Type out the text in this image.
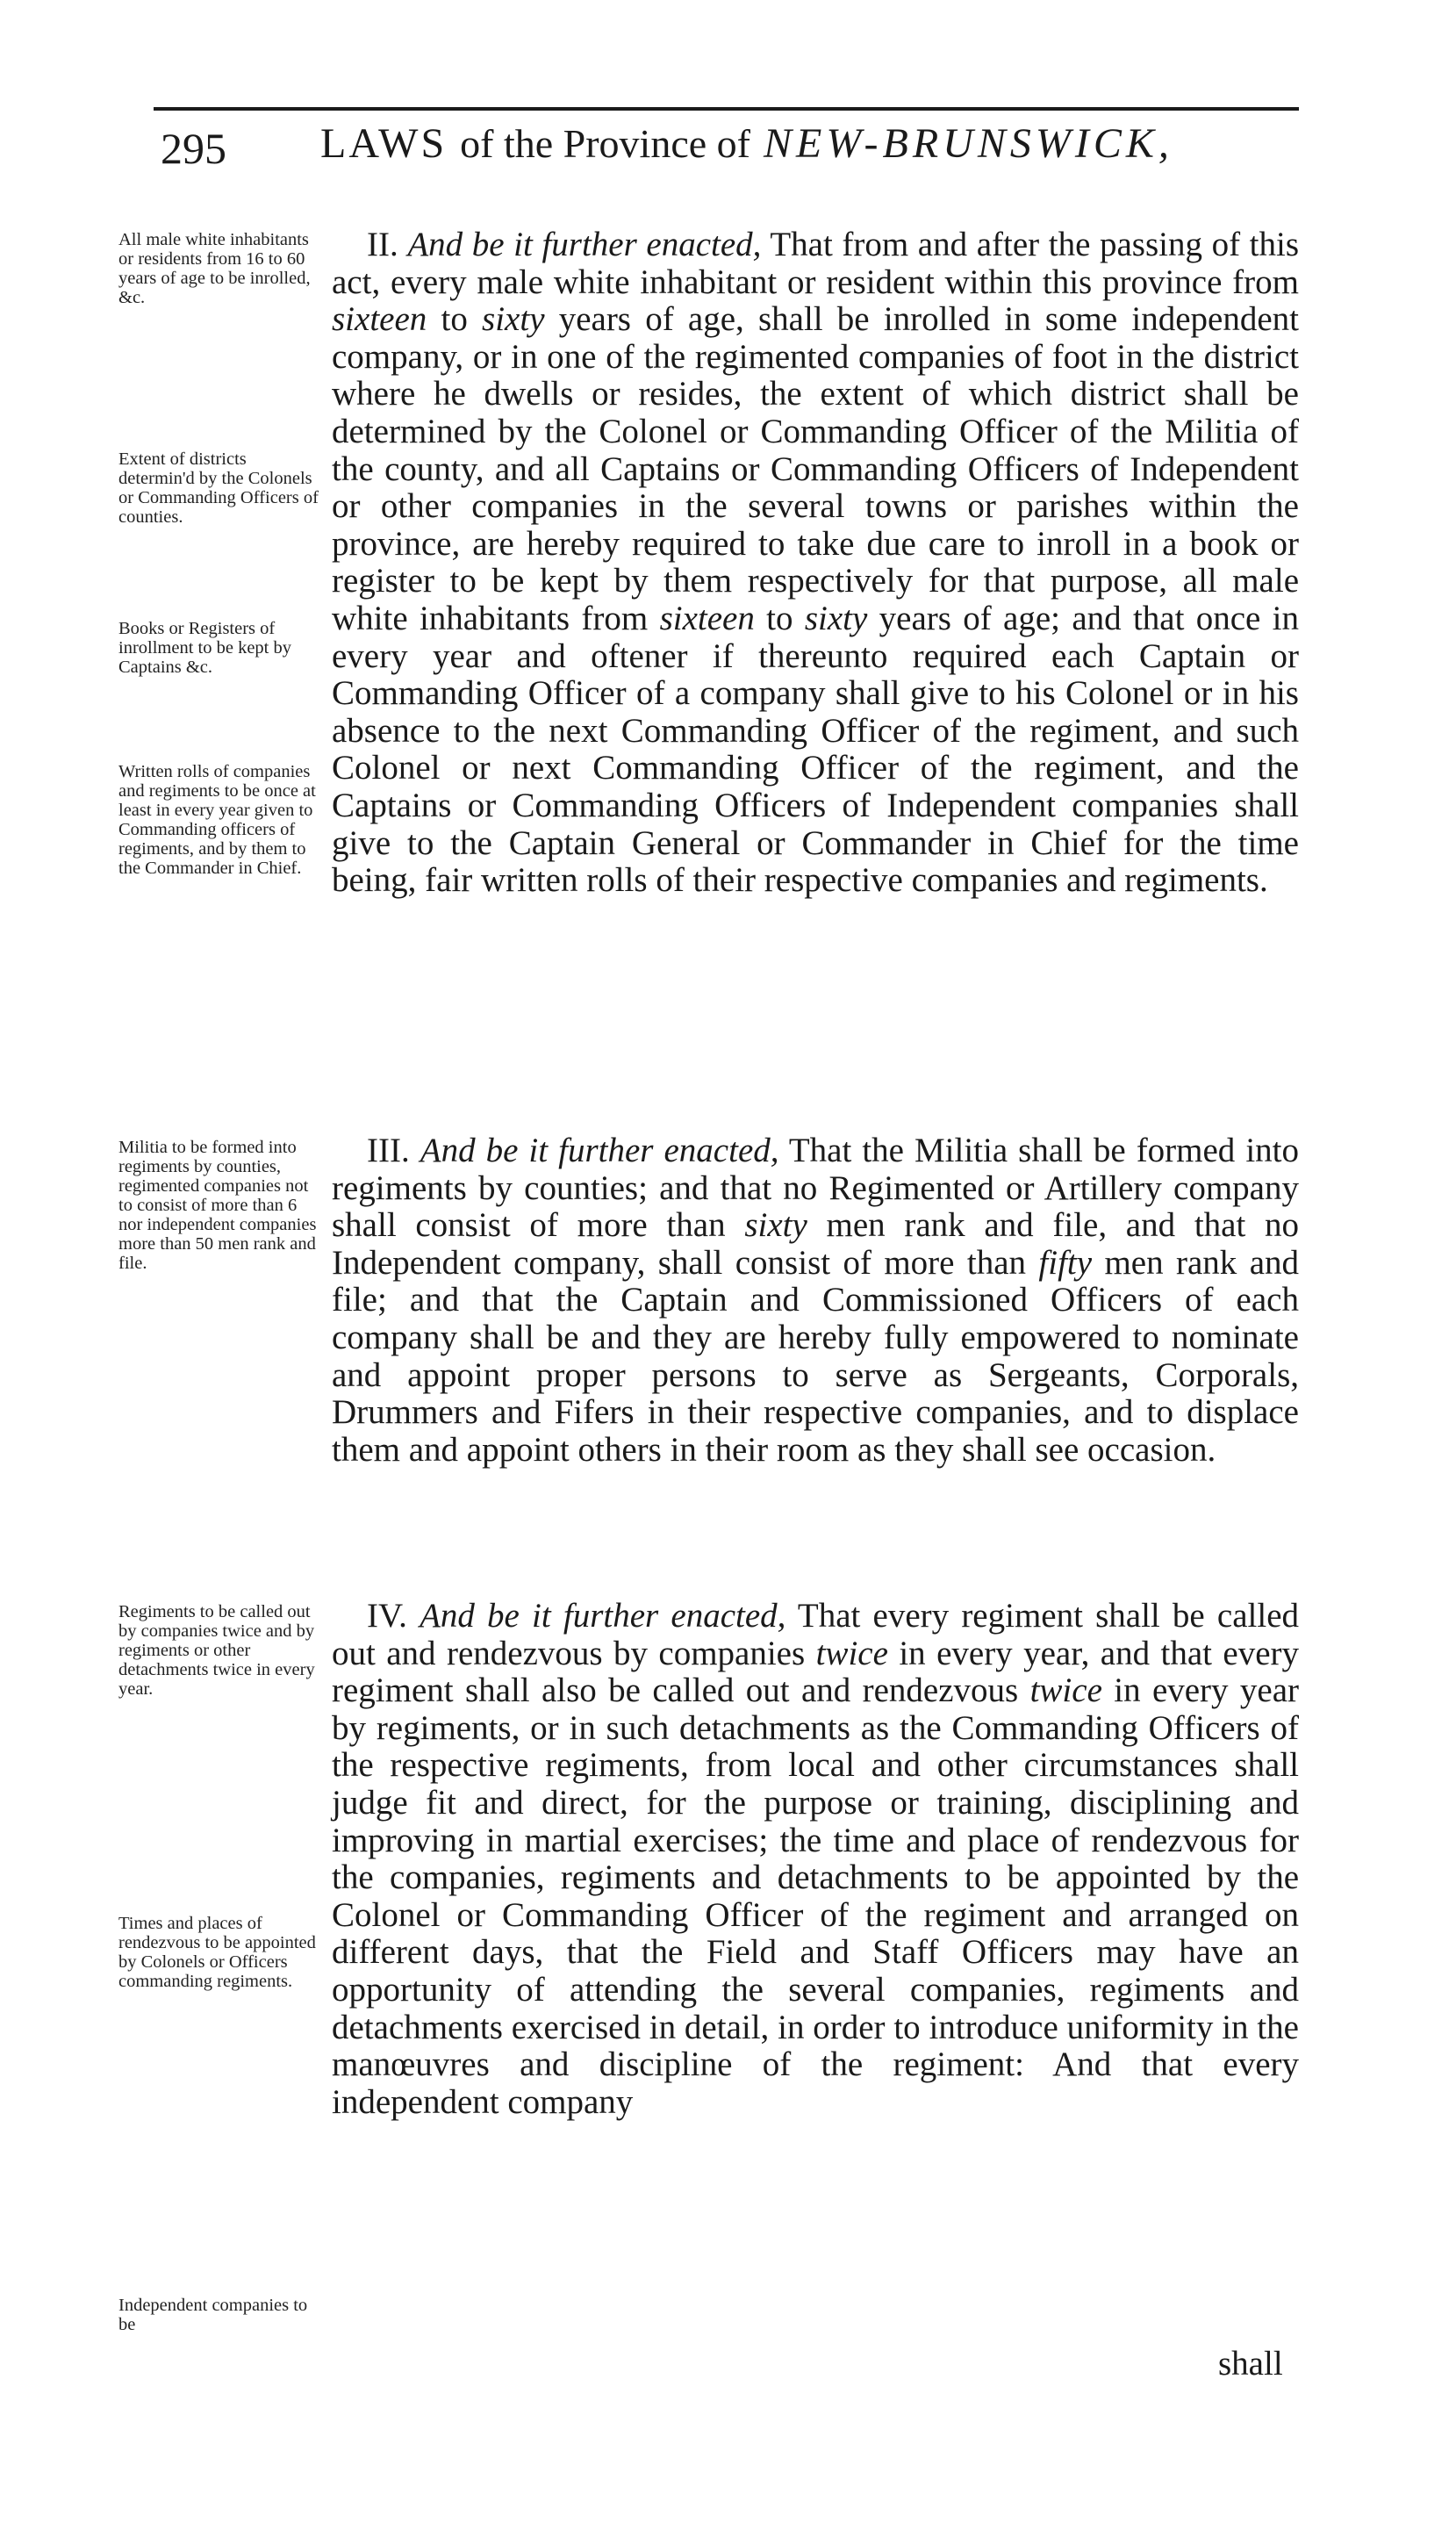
295 LAWS of the Province of NEW-BRUNSWICK,
All male white inhabitants or residents from 16 to 60 years of age to be inrolled, &c.
Extent of districts determin'd by the Colonels or Commanding Officers of counties.
Books or Registers of inrollment to be kept by Captains &c.
Written rolls of companies and regiments to be once at least in every year given to Commanding officers of regiments, and by them to the Commander in Chief.
Militia to be formed into regiments by counties, regimented companies not to consist of more than 6 nor independent companies more than 50 men rank and file.
Regiments to be called out by companies twice and by regiments or other detachments twice in every year.
Times and places of rendezvous to be appointed by Colonels or Officers commanding regiments.
Independent companies to be
II. And be it further enacted, That from and after the passing of this act, every male white inhabitant or resident within this province from sixteen to sixty years of age, shall be inrolled in some independent company, or in one of the regimented companies of foot in the district where he dwells or resides, the extent of which district shall be determined by the Colonel or Commanding Officer of the Militia of the county, and all Captains or Commanding Officers of Independent or other companies in the several towns or parishes within the province, are hereby required to take due care to inroll in a book or register to be kept by them respectively for that purpose, all male white inhabitants from sixteen to sixty years of age; and that once in every year and oftener if thereunto required each Captain or Commanding Officer of a company shall give to his Colonel or in his absence to the next Commanding Officer of the regiment, and such Colonel or next Commanding Officer of the regiment, and the Captains or Commanding Officers of Independent companies shall give to the Captain General or Commander in Chief for the time being, fair written rolls of their respective companies and regiments.
III. And be it further enacted, That the Militia shall be formed into regiments by counties; and that no Regimented or Artillery company shall consist of more than sixty men rank and file, and that no Independent company, shall consist of more than fifty men rank and file; and that the Captain and Commissioned Officers of each company shall be and they are hereby fully empowered to nominate and appoint proper persons to serve as Sergeants, Corporals, Drummers and Fifers in their respective companies, and to displace them and appoint others in their room as they shall see occasion.
IV. And be it further enacted, That every regiment shall be called out and rendezvous by companies twice in every year, and that every regiment shall also be called out and rendezvous twice in every year by regiments, or in such detachments as the Commanding Officers of the respective regiments, from local and other circumstances shall judge fit and direct, for the purpose or training, disciplining and improving in martial exercises; the time and place of rendezvous for the companies, regiments and detachments to be appointed by the Colonel or Commanding Officer of the regiment and arranged on different days, that the Field and Staff Officers may have an opportunity of attending the several companies, regiments and detachments exercised in detail, in order to introduce uniformity in the manœuvres and discipline of the regiment: And that every independent company
shall
